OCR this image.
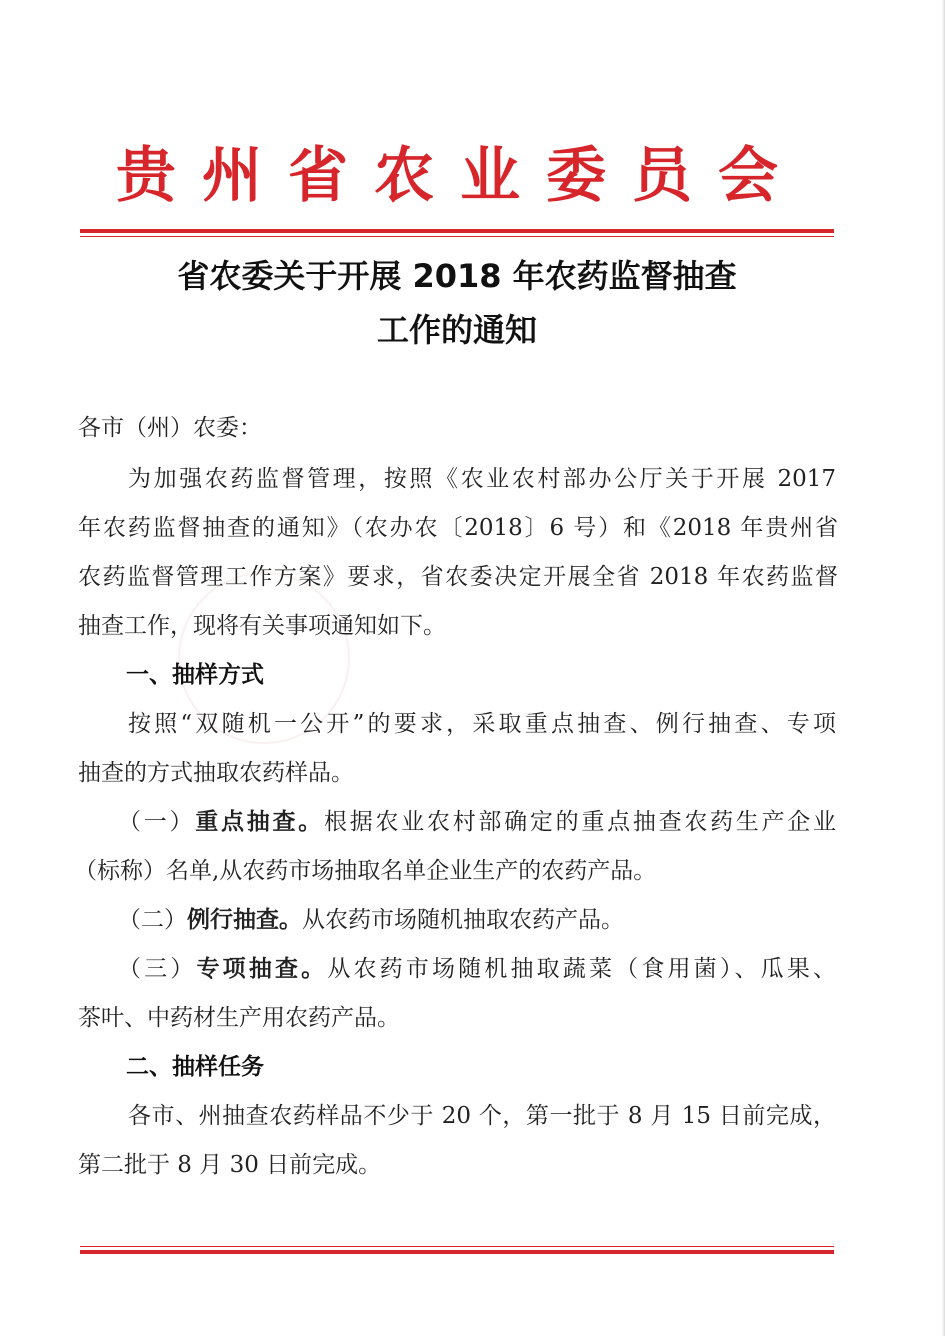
贵州省农业委员会
省农委关于开展 2018 年农药监督抽查
工作的通知
各市（州）农委：
为加强农药监督管理，按照《农业农村部办公厅关于开展 2017
年农药监督抽查的通知》（农办农〔2018〕6 号）和《2018 年贵州省
农药监督管理工作方案》要求，省农委决定开展全省 2018 年农药监督
抽查工作，现将有关事项通知如下。
一、抽样方式
按照“双随机一公开”的要求，采取重点抽查、例行抽查、专项
抽查的方式抽取农药样品。
（一）重点抽查。根据农业农村部确定的重点抽查农药生产企业
（标称）名单,从农药市场抽取名单企业生产的农药产品。
（二）例行抽查。从农药市场随机抽取农药产品。
（三）专项抽查。从农药市场随机抽取蔬菜（食用菌）、瓜果、
茶叶、中药材生产用农药产品。
二、抽样任务
各市、州抽查农药样品不少于 20 个，第一批于 8 月 15 日前完成，
第二批于 8 月 30 日前完成。
